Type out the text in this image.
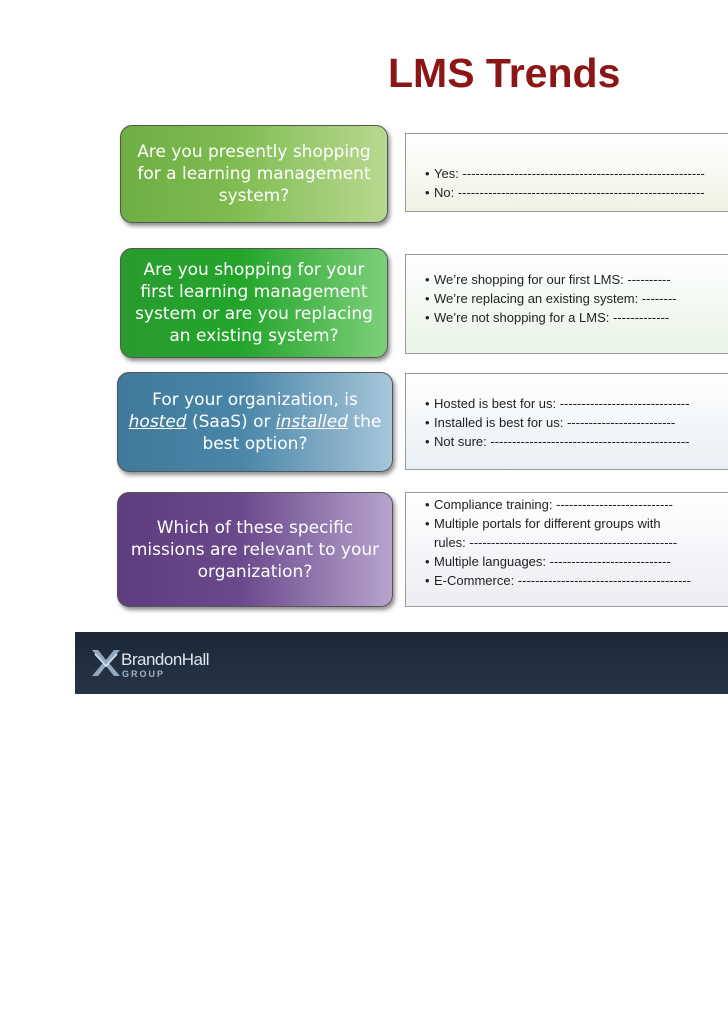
LMS Trends
Are you presently shopping for a learning management system?
• Yes: --------------------------------------------------------
• No: ---------------------------------------------------------
Are you shopping for your first learning management system or are you replacing an existing system?
• We’re shopping for our first LMS: ----------
• We’re replacing an existing system: --------
• We’re not shopping for a LMS: -------------
For your organization, is hosted (SaaS) or installed the best option?
• Hosted is best for us: ------------------------------
• Installed is best for us: -------------------------
• Not sure: ----------------------------------------------
Which of these specific missions are relevant to your organization?
• Compliance training: ---------------------------
• Multiple portals for different groups with
rules: ------------------------------------------------
• Multiple languages: ----------------------------
• E-Commerce: ----------------------------------------
BrandonHall
GROUP
